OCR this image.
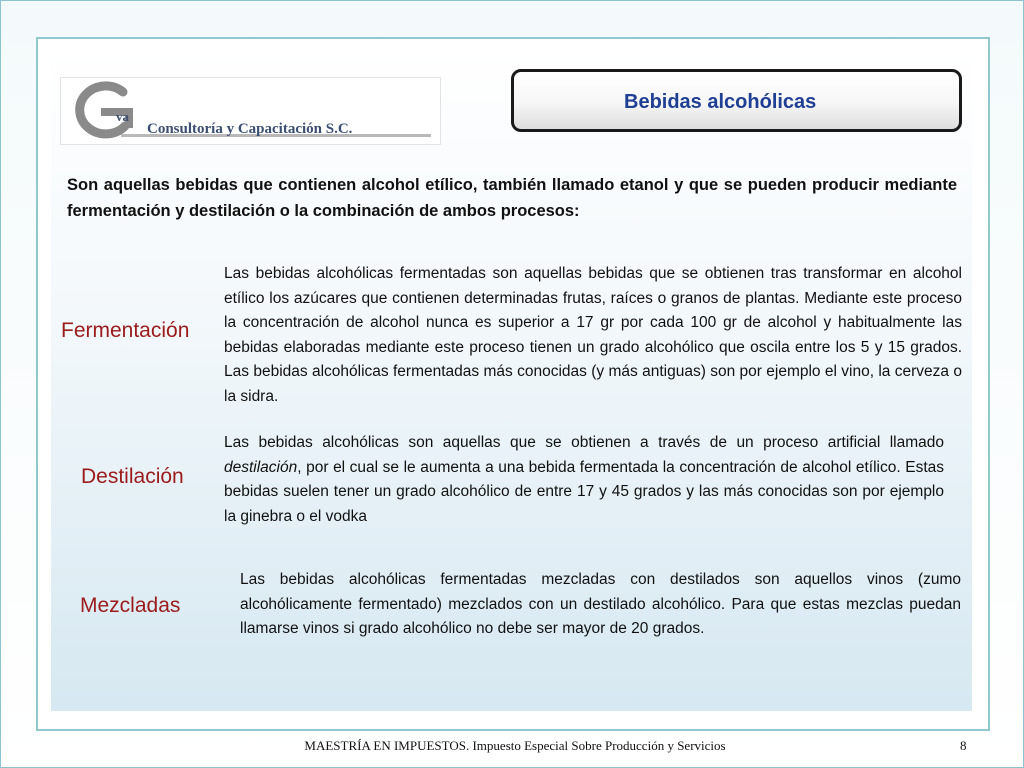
va
Consultoría y Capacitación S.C.
Bebidas alcohólicas
Son aquellas bebidas que contienen alcohol etílico, también llamado etanol y que se pueden producir mediante fermentación y destilación o la combinación de ambos procesos:
Fermentación
Las bebidas alcohólicas fermentadas son aquellas bebidas que se obtienen tras transformar en alcohol etílico los azúcares que contienen determinadas frutas, raíces o granos de plantas. Mediante este proceso la concentración de alcohol nunca es superior a 17 gr por cada 100 gr de alcohol y habitualmente las bebidas elaboradas mediante este proceso tienen un grado alcohólico que oscila entre los 5 y 15 grados. Las bebidas alcohólicas fermentadas más conocidas (y más antiguas) son por ejemplo el vino, la cerveza o la sidra.
Destilación
Las bebidas alcohólicas son aquellas que se obtienen a través de un proceso artificial llamado destilación, por el cual se le aumenta a una bebida fermentada la concentración de alcohol etílico. Estas bebidas suelen tener un grado alcohólico de entre 17 y 45 grados y las más conocidas son por ejemplo la ginebra o el vodka
Mezcladas
Las bebidas alcohólicas fermentadas mezcladas con destilados son aquellos vinos (zumo alcohólicamente fermentado) mezclados con un destilado alcohólico. Para que estas mezclas puedan llamarse vinos si grado alcohólico no debe ser mayor de 20 grados.
MAESTRÍA EN IMPUESTOS. Impuesto Especial Sobre Producción y Servicios	8
